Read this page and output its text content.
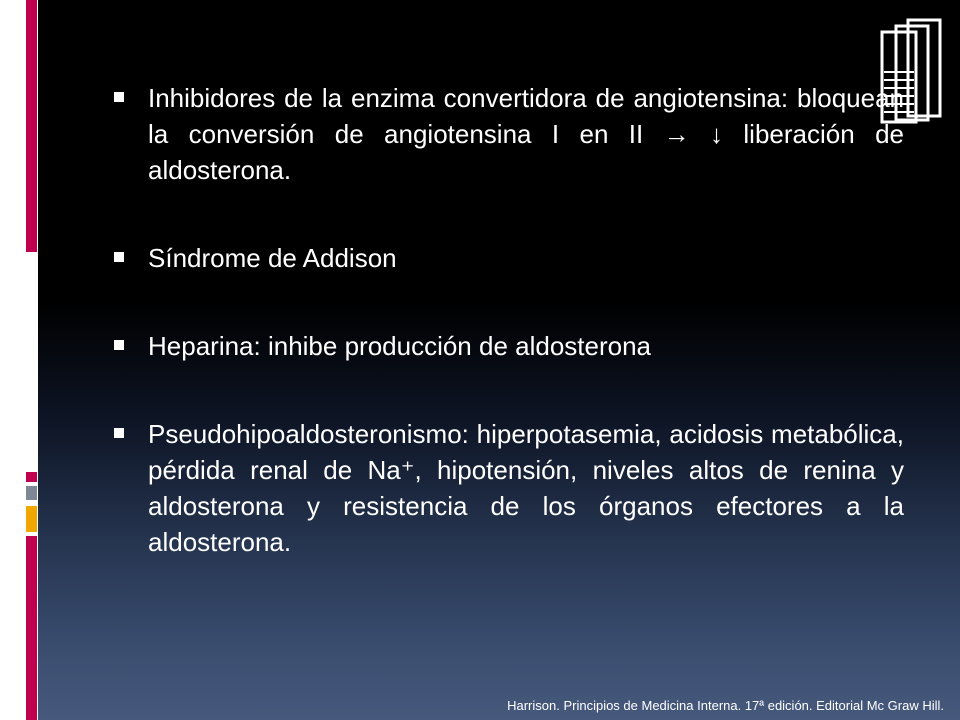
Inhibidores de la enzima convertidora de angiotensina: bloquean la conversión de angiotensina I en II → ↓ liberación de aldosterona.
Síndrome de Addison
Heparina: inhibe producción de aldosterona
Pseudohipoaldosteronismo: hiperpotasemia, acidosis metabólica, pérdida renal de Na⁺, hipotensión, niveles altos de renina y aldosterona y resistencia de los órganos efectores a la aldosterona.
Harrison. Principios de Medicina Interna. 17ª edición. Editorial Mc Graw Hill.
